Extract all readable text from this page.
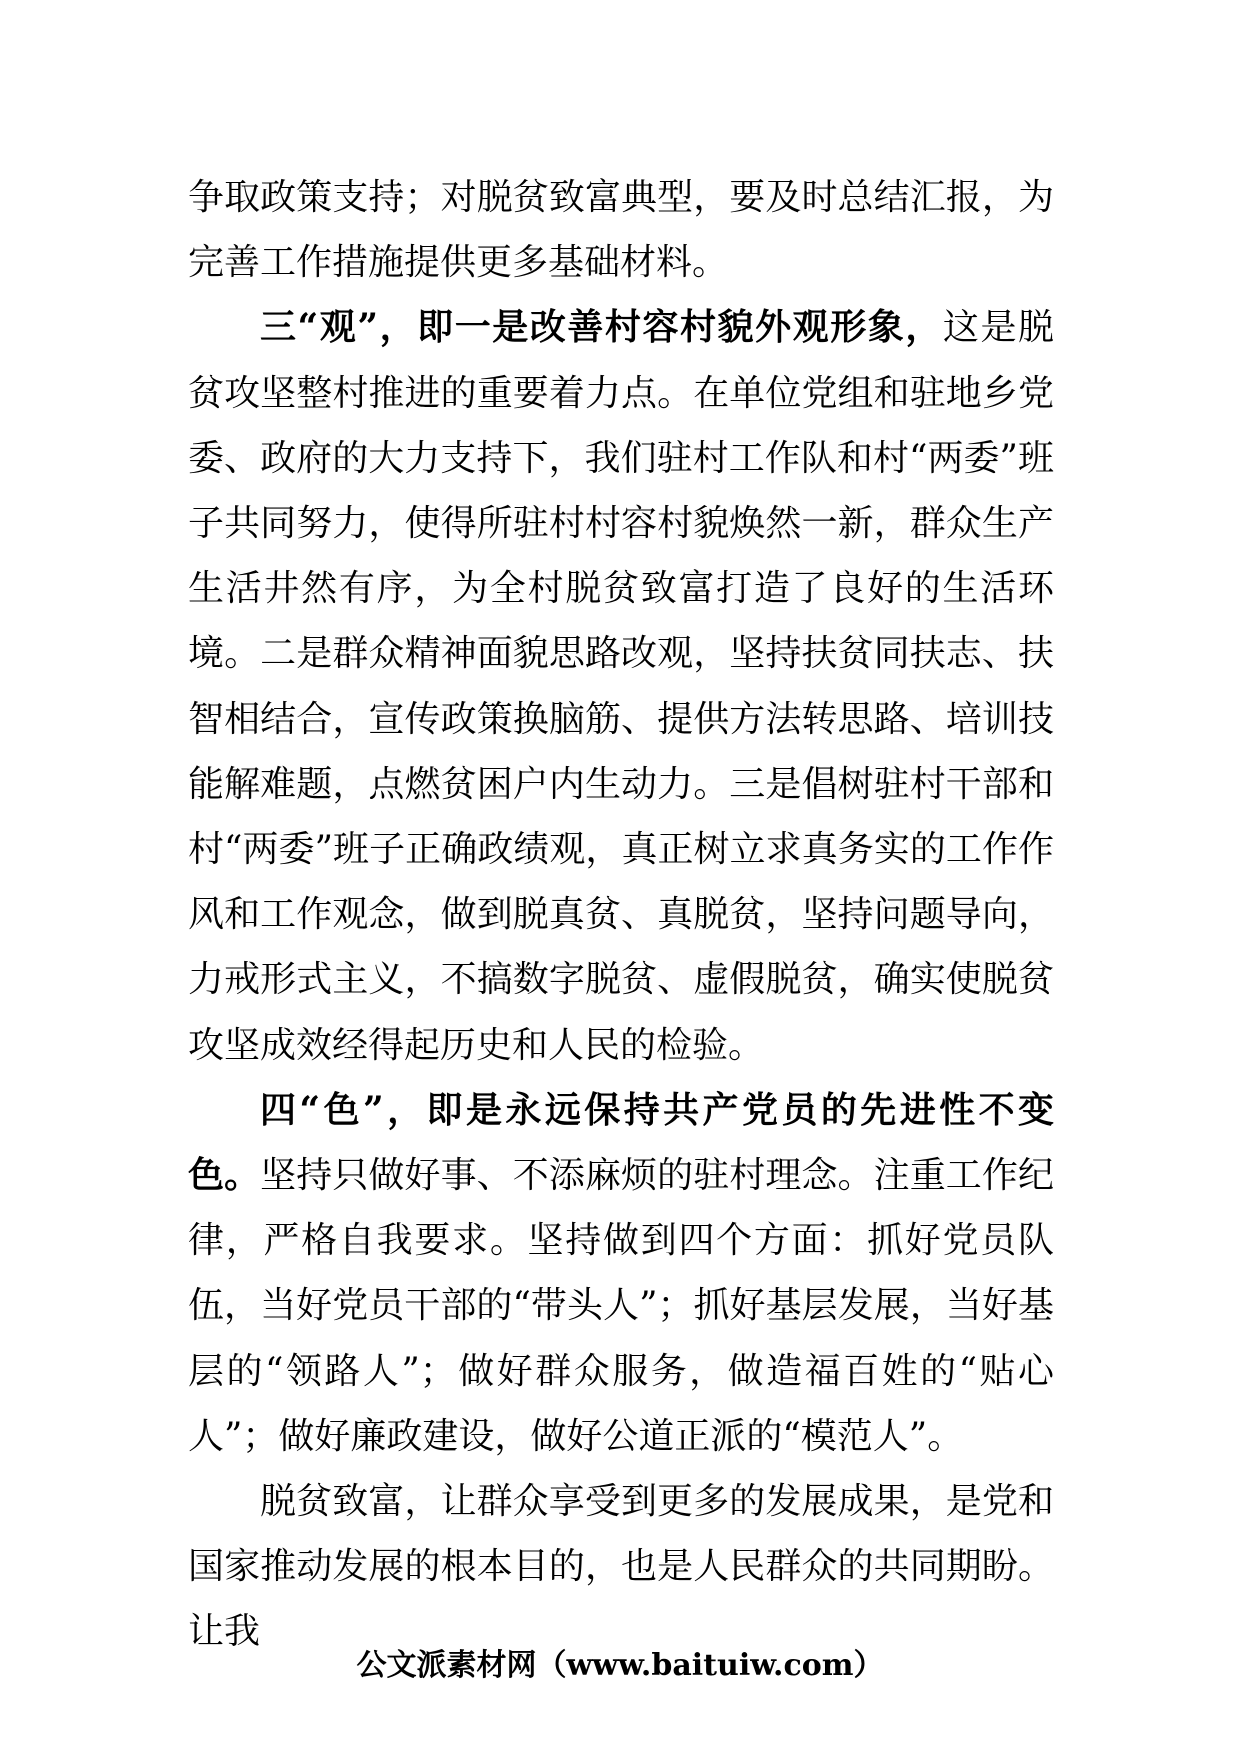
争取政策支持；对脱贫致富典型，要及时总结汇报，为完善工作措施提供更多基础材料。

三“观”，即一是改善村容村貌外观形象，这是脱贫攻坚整村推进的重要着力点。在单位党组和驻地乡党委、政府的大力支持下，我们驻村工作队和村“两委”班子共同努力，使得所驻村村容村貌焕然一新，群众生产生活井然有序，为全村脱贫致富打造了良好的生活环境。二是群众精神面貌思路改观，坚持扶贫同扶志、扶智相结合，宣传政策换脑筋、提供方法转思路、培训技能解难题，点燃贫困户内生动力。三是倡树驻村干部和村“两委”班子正确政绩观，真正树立求真务实的工作作风和工作观念，做到脱真贫、真脱贫，坚持问题导向，力戒形式主义，不搞数字脱贫、虚假脱贫，确实使脱贫攻坚成效经得起历史和人民的检验。

四“色”，即是永远保持共产党员的先进性不变色。坚持只做好事、不添麻烦的驻村理念。注重工作纪律，严格自我要求。坚持做到四个方面：抓好党员队伍，当好党员干部的“带头人”；抓好基层发展，当好基层的“领路人”；做好群众服务，做造福百姓的“贴心人”；做好廉政建设，做好公道正派的“模范人”。

脱贫致富，让群众享受到更多的发展成果，是党和国家推动发展的根本目的，也是人民群众的共同期盼。让我

公文派素材网（www.baituiw.com）
